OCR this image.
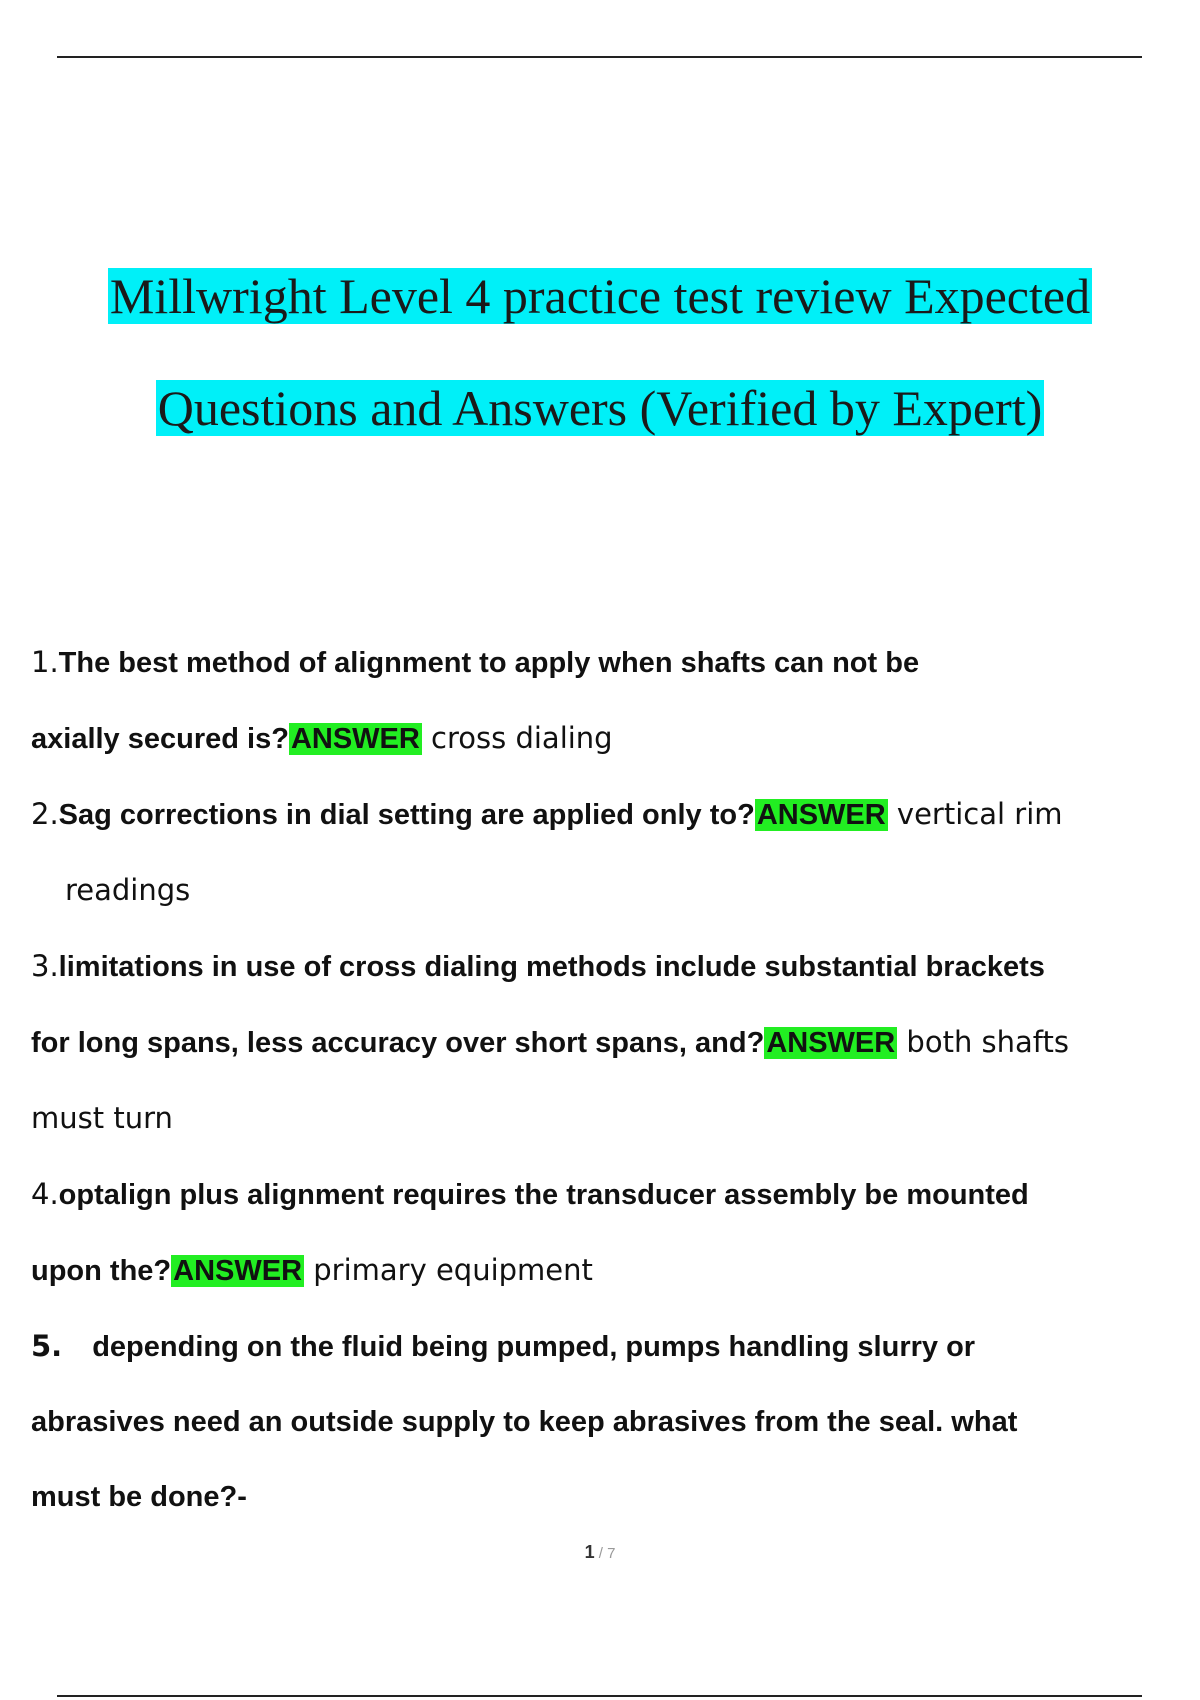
Millwright Level 4 practice test review Expected
Questions and Answers (Verified by Expert)
1.The best method of alignment to apply when shafts can not be
axially secured is?ANSWER cross dialing
2.Sag corrections in dial setting are applied only to?ANSWER vertical rim
readings
3.limitations in use of cross dialing methods include substantial brackets
for long spans, less accuracy over short spans, and?ANSWER both shafts
must turn
4.optalign plus alignment requires the transducer assembly be mounted
upon the?ANSWER primary equipment
5. depending on the fluid being pumped, pumps handling slurry or
abrasives need an outside supply to keep abrasives from the seal. what
must be done?-
1 / 7
